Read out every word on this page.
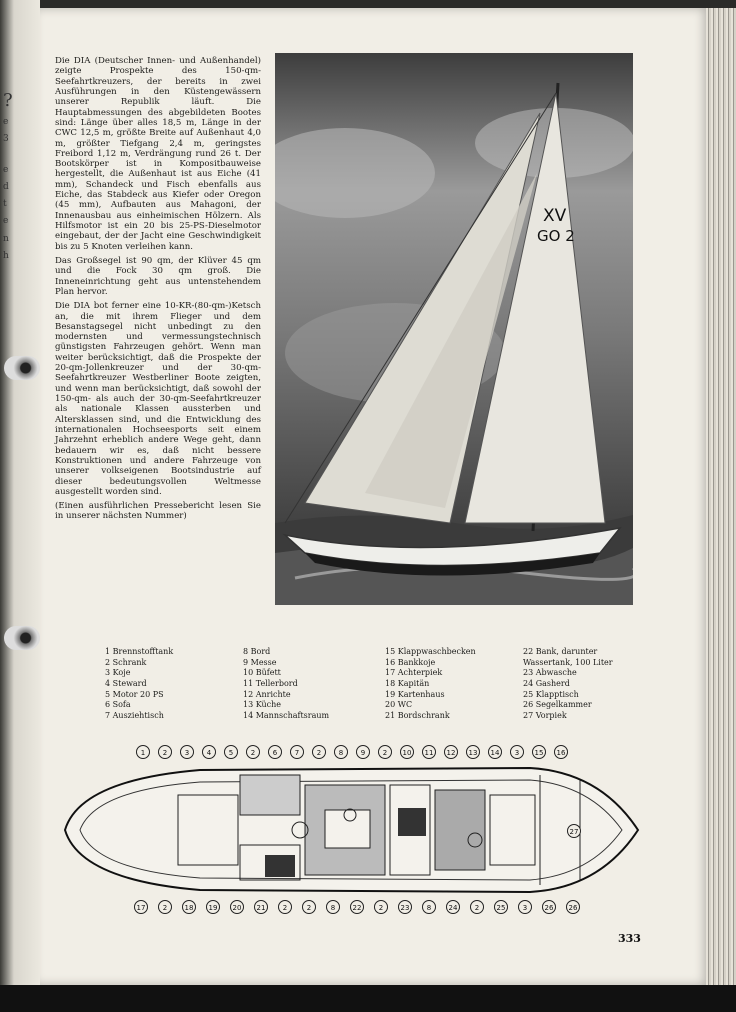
?
e
3
e
d
t
e
n
h

Die DIA (Deutscher Innen- und Außenhandel) zeigte Prospekte des 150-qm-Seefahrtkreuzers, der bereits in zwei Ausführungen in den Küstengewässern unserer Republik läuft. Die Hauptabmessungen des abgebildeten Bootes sind: Länge über alles 18,5 m, Länge in der CWC 12,5 m, größte Breite auf Außenhaut 4,0 m, größter Tiefgang 2,4 m, geringstes Freibord 1,12 m, Verdrängung rund 26 t. Der Bootskörper ist in Kompositbauweise hergestellt, die Außenhaut ist aus Eiche (41 mm), Schandeck und Fisch ebenfalls aus Eiche, das Stabdeck aus Kiefer oder Oregon (45 mm), Aufbauten aus Mahagoni, der Innenausbau aus einheimischen Hölzern. Als Hilfsmotor ist ein 20 bis 25-PS-Dieselmotor eingebaut, der der Jacht eine Geschwindigkeit bis zu 5 Knoten verleihen kann.

Das Großsegel ist 90 qm, der Klüver 45 qm und die Fock 30 qm groß. Die Inneneinrichtung geht aus untenstehendem Plan hervor.

Die DIA bot ferner eine 10-KR-(80-qm-)Ketsch an, die mit ihrem Flieger und dem Besanstagsegel nicht unbedingt zu den modernsten und vermessungstechnisch günstigsten Fahrzeugen gehört. Wenn man weiter berücksichtigt, daß die Prospekte der 20-qm-Jollenkreuzer und der 30-qm-Seefahrtkreuzer Westberliner Boote zeigten, und wenn man berücksichtigt, daß sowohl der 150-qm- als auch der 30-qm-Seefahrtkreuzer als nationale Klassen aussterben und Altersklassen sind, und die Entwicklung des internationalen Hochseesports seit einem Jahrzehnt erheblich andere Wege geht, dann bedauern wir es, daß nicht bessere Konstruktionen und andere Fahrzeuge von unserer volkseigenen Bootsindustrie auf dieser bedeutungsvollen Weltmesse ausgestellt worden sind.

(Einen ausführlichen Pressebericht lesen Sie in unserer nächsten Nummer)

XV
GO 2
1 Brennstofftank
2 Schrank
3 Koje
4 Steward
5 Motor 20 PS
6 Sofa
7 Ausziehtisch
8 Bord
9 Messe
10 Büfett
11 Tellerbord
12 Anrichte
13 Küche
14 Mannschaftsraum
15 Klappwaschbecken
16 Bankkoje
17 Achterpiek
18 Kapitän
19 Kartenhaus
20 WC
21 Bordschrank
22 Bank, darunter Wassertank, 100 Liter
23 Abwasche
24 Gasherd
25 Klapptisch
26 Segelkammer
27 Vorpiek
1	2	3	4	5	2	6	7	2	8	9	2	10	11	12	13	14	3	15	16
17	2	18	19	20	21	2	2	8	22	2	23	8	24	2	25	3	26	26
27
333
